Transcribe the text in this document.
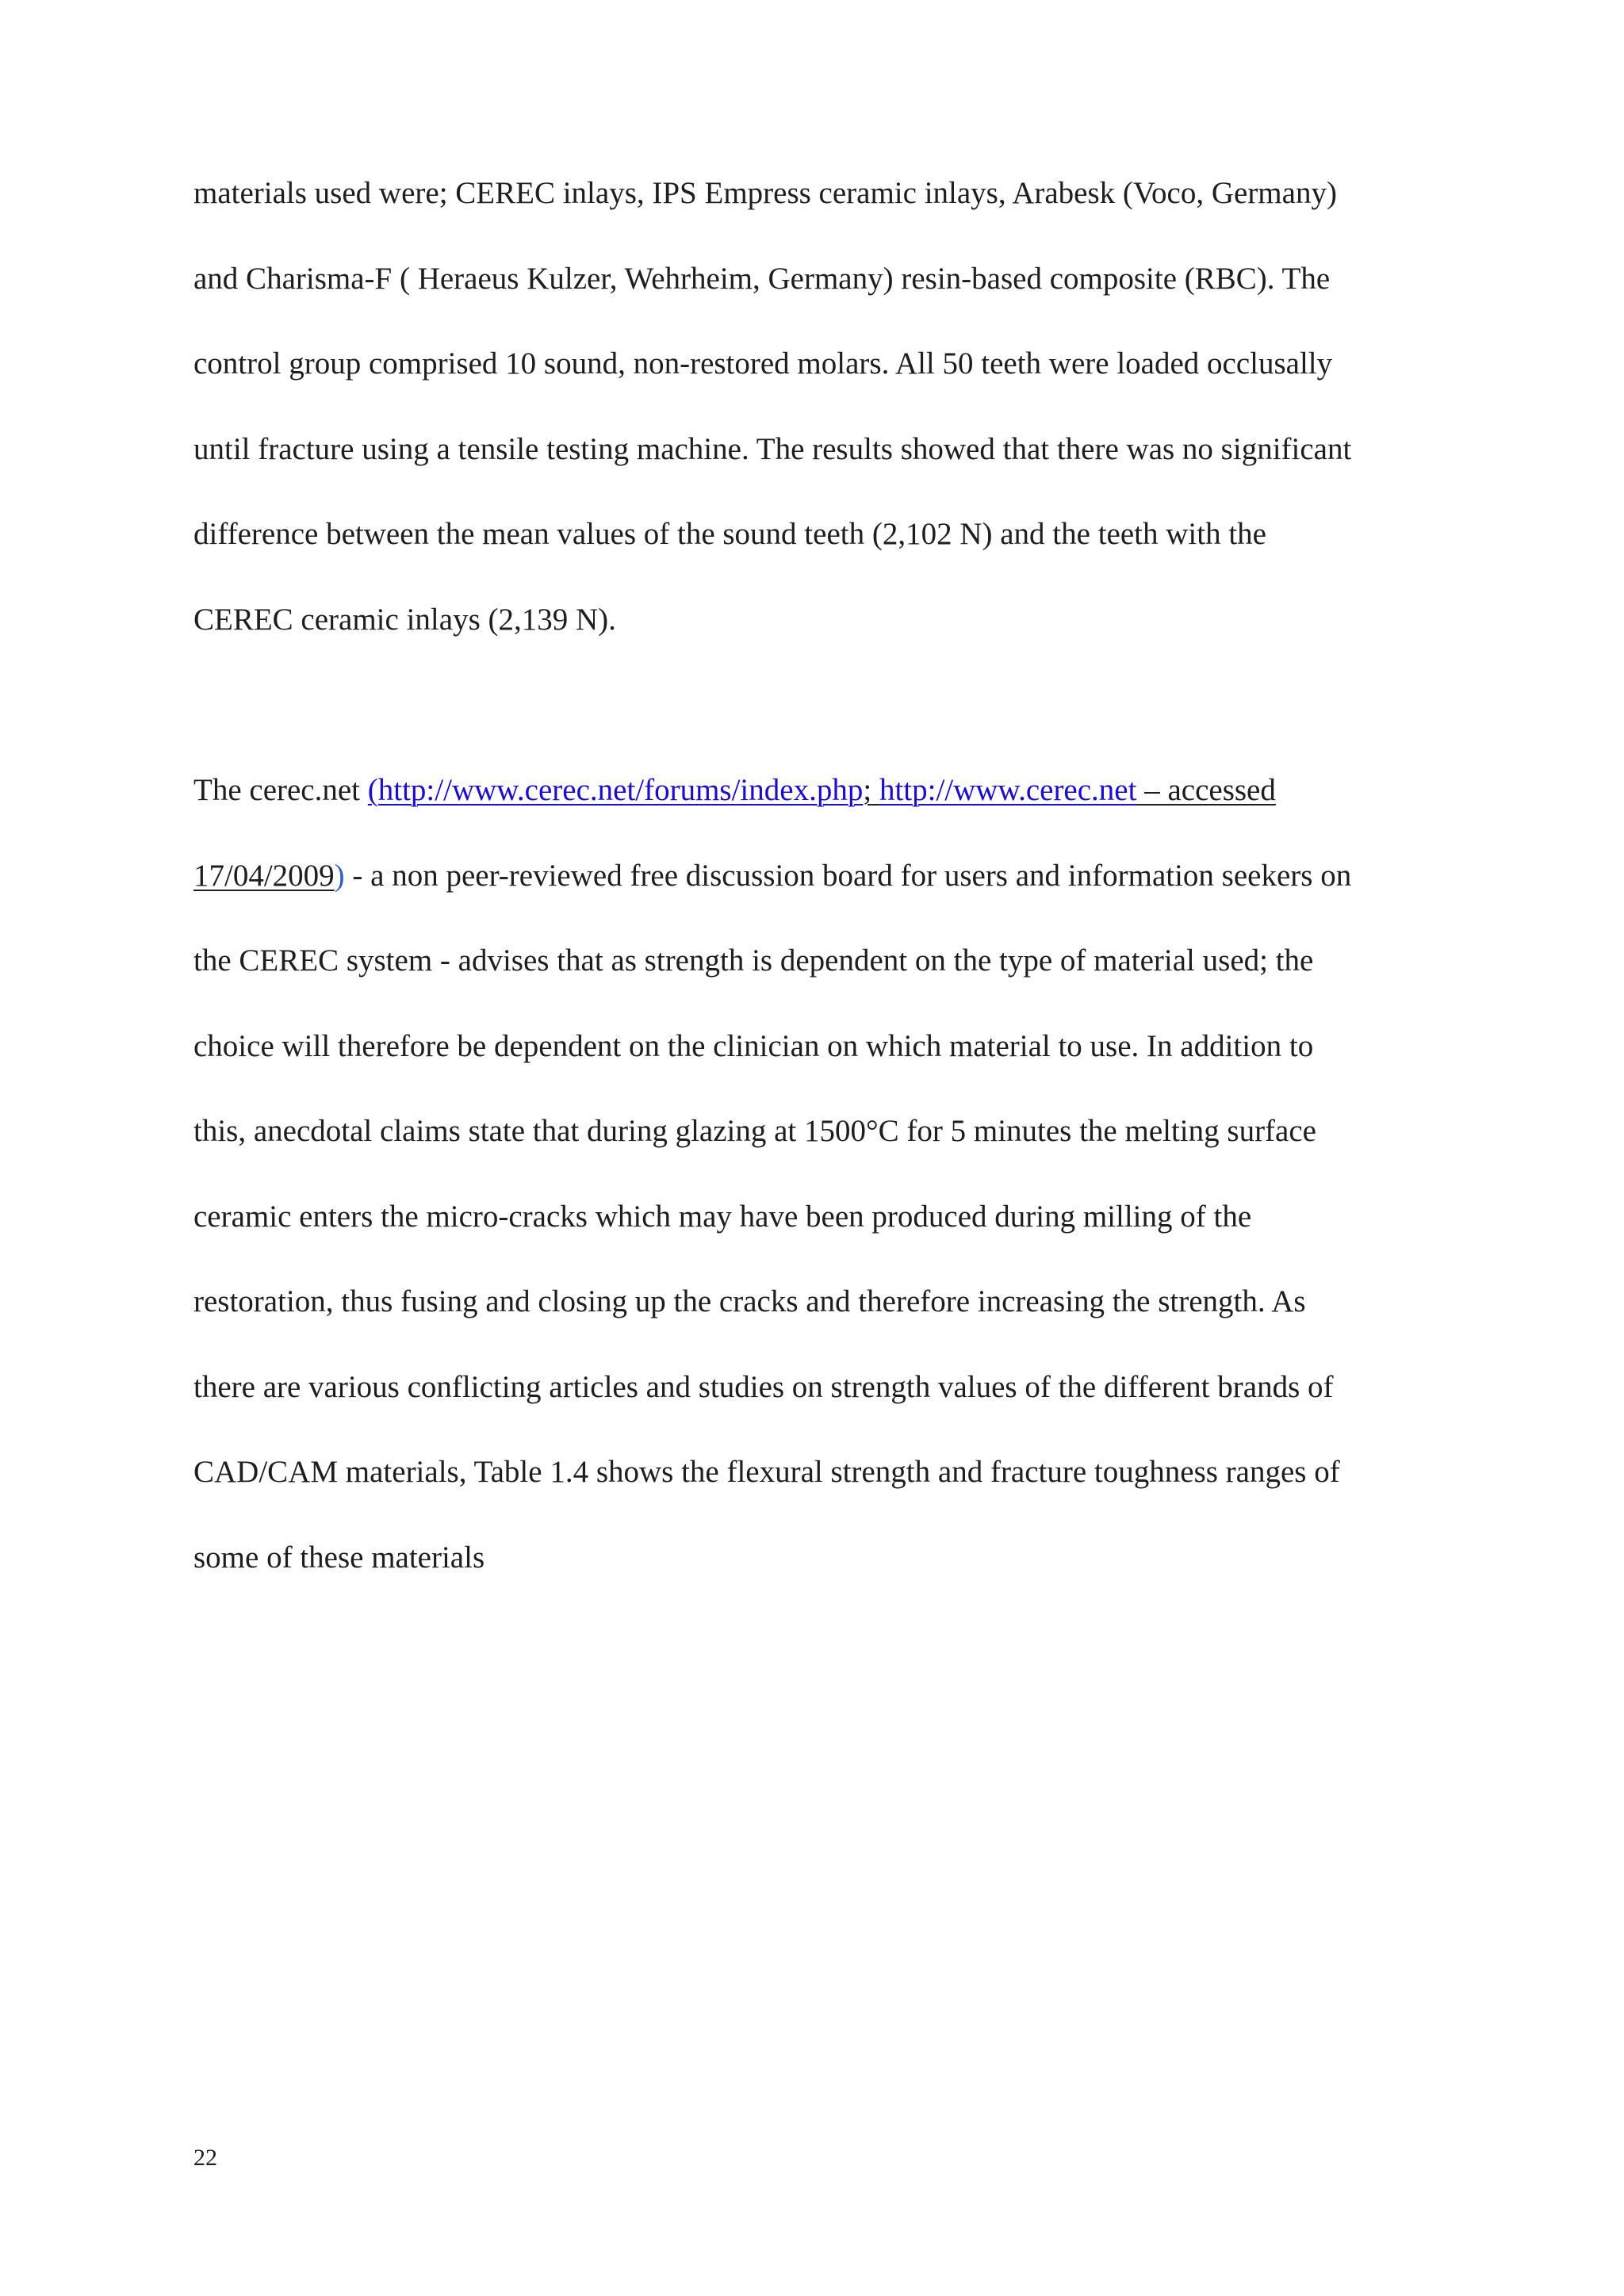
materials used were; CEREC inlays, IPS Empress ceramic inlays, Arabesk (Voco, Germany)

and Charisma-F ( Heraeus Kulzer, Wehrheim, Germany) resin-based composite (RBC). The

control group comprised 10 sound, non-restored molars. All 50 teeth were loaded occlusally

until fracture using a tensile testing machine. The results showed that there was no significant

difference between the mean values of the sound teeth (2,102 N) and the teeth with the

CEREC ceramic inlays (2,139 N).

The cerec.net (http://www.cerec.net/forums/index.php; http://www.cerec.net – accessed

17/04/2009) - a non peer-reviewed free discussion board for users and information seekers on

the CEREC system - advises that as strength is dependent on the type of material used; the

choice will therefore be dependent on the clinician on which material to use. In addition to

this, anecdotal claims state that during glazing at 1500°C for 5 minutes the melting surface

ceramic enters the micro-cracks which may have been produced during milling of the

restoration, thus fusing and closing up the cracks and therefore increasing the strength. As

there are various conflicting articles and studies on strength values of the different brands of

CAD/CAM materials, Table 1.4 shows the flexural strength and fracture toughness ranges of

some of these materials

22
